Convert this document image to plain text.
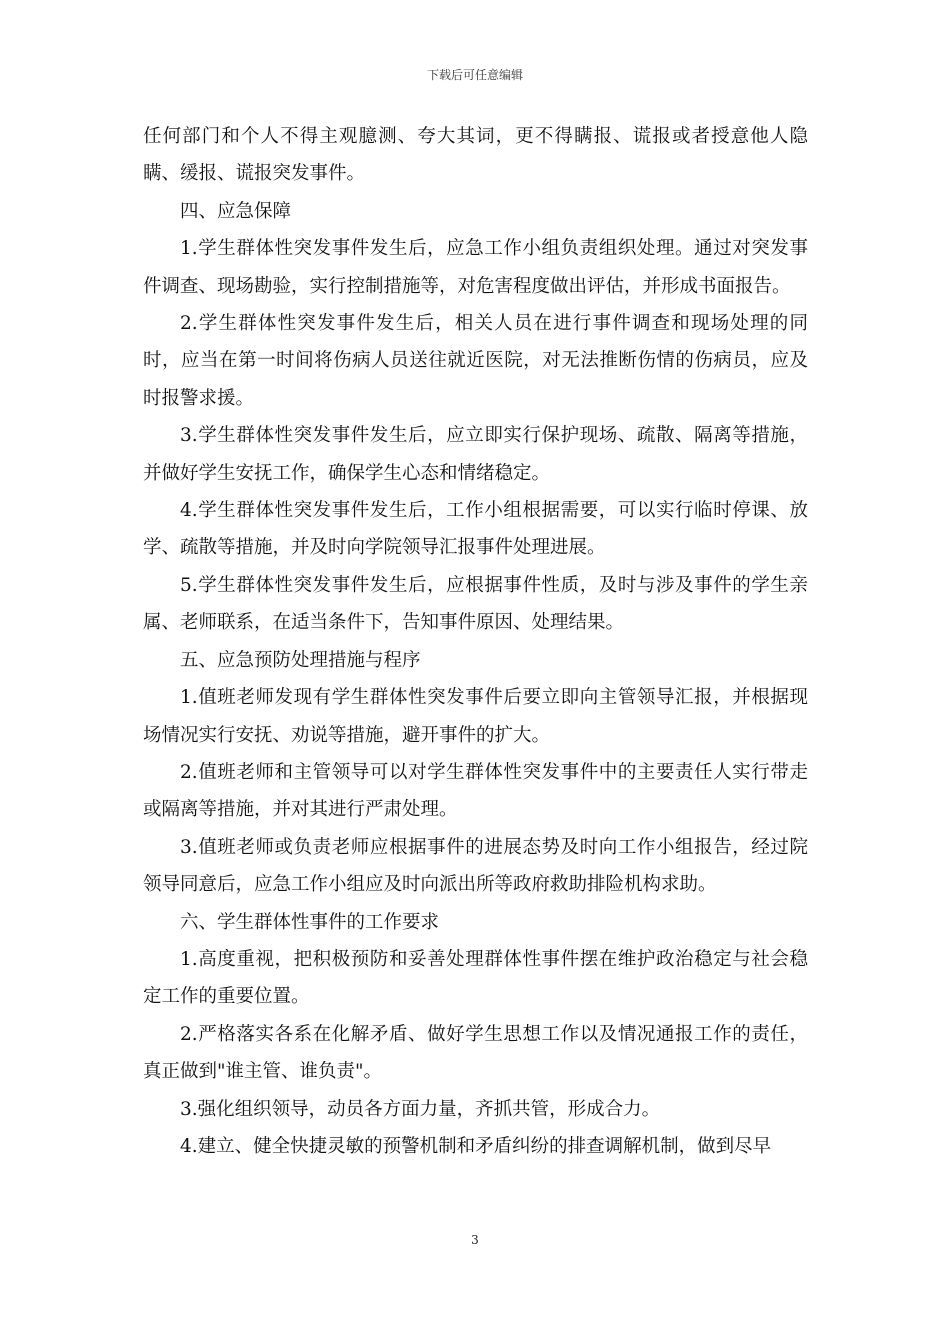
下载后可任意编辑

任何部门和个人不得主观臆测、夸大其词，更不得瞒报、谎报或者授意他人隐瞒、缓报、谎报突发事件。

四、应急保障

1.学生群体性突发事件发生后，应急工作小组负责组织处理。通过对突发事件调查、现场勘验，实行控制措施等，对危害程度做出评估，并形成书面报告。

2.学生群体性突发事件发生后，相关人员在进行事件调查和现场处理的同时，应当在第一时间将伤病人员送往就近医院，对无法推断伤情的伤病员，应及时报警求援。

3.学生群体性突发事件发生后，应立即实行保护现场、疏散、隔离等措施，并做好学生安抚工作，确保学生心态和情绪稳定。

4.学生群体性突发事件发生后，工作小组根据需要，可以实行临时停课、放学、疏散等措施，并及时向学院领导汇报事件处理进展。

5.学生群体性突发事件发生后，应根据事件性质，及时与涉及事件的学生亲属、老师联系，在适当条件下，告知事件原因、处理结果。

五、应急预防处理措施与程序

1.值班老师发现有学生群体性突发事件后要立即向主管领导汇报，并根据现场情况实行安抚、劝说等措施，避开事件的扩大。

2.值班老师和主管领导可以对学生群体性突发事件中的主要责任人实行带走或隔离等措施，并对其进行严肃处理。

3.值班老师或负责老师应根据事件的进展态势及时向工作小组报告，经过院领导同意后，应急工作小组应及时向派出所等政府救助排险机构求助。

六、学生群体性事件的工作要求

1.高度重视，把积极预防和妥善处理群体性事件摆在维护政治稳定与社会稳定工作的重要位置。

2.严格落实各系在化解矛盾、做好学生思想工作以及情况通报工作的责任，真正做到"谁主管、谁负责"。

3.强化组织领导，动员各方面力量，齐抓共管，形成合力。

4.建立、健全快捷灵敏的预警机制和矛盾纠纷的排查调解机制，做到尽早

3
